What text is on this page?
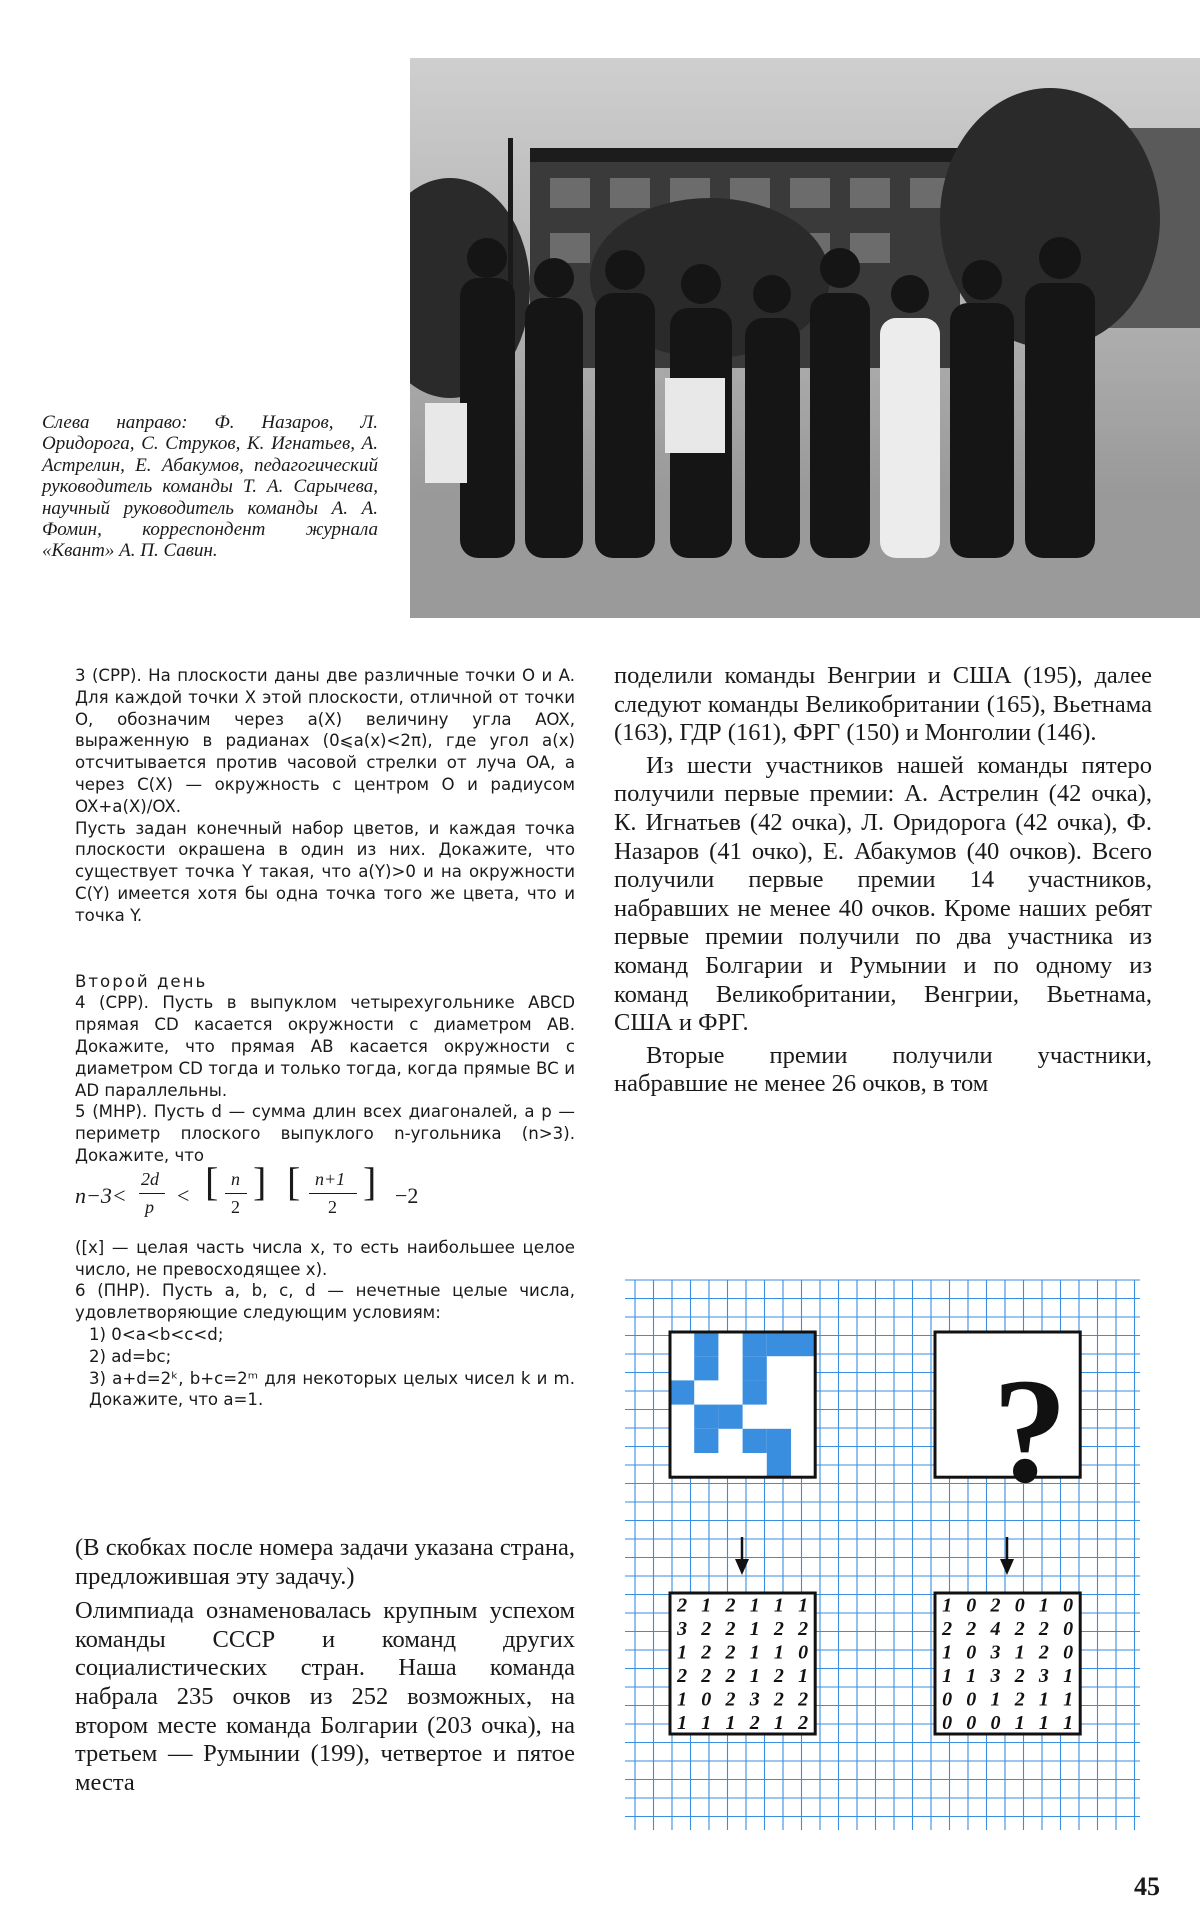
Слева направо: Ф. Назаров, Л. Оридорога, С. Струков, К. Игнатьев, А. Астрелин, Е. Абакумов, педагогический руководитель команды Т. А. Сарычева, научный руководитель команды А. А. Фомин, корреспондент журнала «Квант» А. П. Савин.

3 (СРР). На плоскости даны две различные точки O и A. Для каждой точки X этой плоскости, отличной от точки O, обозначим через a(X) величину угла AOX, выраженную в радианах (0⩽a(x)<2π), где угол a(x) отсчитывается против часовой стрелки от луча OA, а через C(X) — окружность с центром O и радиусом OX+a(X)/OX.

Пусть задан конечный набор цветов, и каждая точка плоскости окрашена в один из них. Докажите, что существует точка Y такая, что a(Y)>0 и на окружности C(Y) имеется хотя бы одна точка того же цвета, что и точка Y.

Второй день

4 (СРР). Пусть в выпуклом четырехугольнике ABCD прямая CD касается окружности с диаметром AB. Докажите, что прямая AB касается окружности с диаметром CD тогда и только тогда, когда прямые BC и AD параллельны.

5 (МНР). Пусть d — сумма длин всех диагоналей, а p — периметр плоского выпуклого n-угольника (n>3). Докажите, что

n−3<
2d
p < [ n
2
] [ n+1
2
] −2

([x] — целая часть числа x, то есть наибольшее целое число, не превосходящее x).

6 (ПНР). Пусть a, b, c, d — нечетные целые числа, удовлетворяющие следующим условиям:

1) 0<a<b<c<d;

2) ad=bc;

3) a+d=2ᵏ, b+c=2ᵐ для некоторых целых чисел k и m. Докажите, что a=1.

(В скобках после номера задачи указана страна, предложившая эту задачу.)

Олимпиада ознаменовалась крупным успехом команды СССР и команд других социалистических стран. Наша команда набрала 235 очков из 252 возможных, на втором месте команда Болгарии (203 очка), на третьем — Румынии (199), четвертое и пятое места

поделили команды Венгрии и США (195), далее следуют команды Великобритании (165), Вьетнама (163), ГДР (161), ФРГ (150) и Монголии (146).

Из шести участников нашей команды пятеро получили первые премии: А. Астрелин (42 очка), К. Игнатьев (42 очка), Л. Оридорога (42 очка), Ф. Назаров (41 очко), Е. Абакумов (40 очков). Всего получили первые премии 14 участников, набравших не менее 40 очков. Кроме наших ребят первые премии получили по два участника из команд Болгарии и Румынии и по одному из команд Великобритании, Венгрии, Вьетнама, США и ФРГ.

Вторые премии получили участники, набравшие не менее 26 очков, в том

?
2 1 2 1 1 1
3 2 2 1 2 2
1 2 2 1 1 0
2 2 2 1 2 1
1 0 2 3 2 2
1 1 1 2 1 2
1 0 2 0 1 0
2 2 4 2 2 0
1 0 3 1 2 0
1 1 3 2 3 1
0 0 1 2 1 1
0 0 0 1 1 1
45
